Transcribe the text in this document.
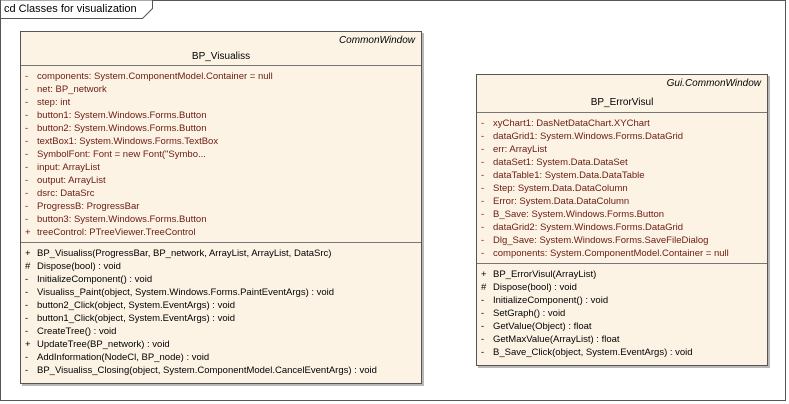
cd Classes for visualization
CommonWindow
BP_Visualiss
- components: System.ComponentModel.Container = null
- net: BP_network
- step: int
- button1: System.Windows.Forms.Button
- button2: System.Windows.Forms.Button
- textBox1: System.Windows.Forms.TextBox
- SymbolFont: Font = new Font("Symbo...
- input: ArrayList
- output: ArrayList
- dsrc: DataSrc
- ProgressB: ProgressBar
- button3: System.Windows.Forms.Button
+ treeControl: PTreeViewer.TreeControl
+ BP_Visualiss(ProgressBar, BP_network, ArrayList, ArrayList, DataSrc)
# Dispose(bool) : void
- InitializeComponent() : void
- Visualiss_Paint(object, System.Windows.Forms.PaintEventArgs) : void
- button2_Click(object, System.EventArgs) : void
- button1_Click(object, System.EventArgs) : void
- CreateTree() : void
+ UpdateTree(BP_network) : void
- AddInformation(NodeCl, BP_node) : void
- BP_Visualiss_Closing(object, System.ComponentModel.CancelEventArgs) : void
Gui.CommonWindow
BP_ErrorVisul
- xyChart1: DasNetDataChart.XYChart
- dataGrid1: System.Windows.Forms.DataGrid
- err: ArrayList
- dataSet1: System.Data.DataSet
- dataTable1: System.Data.DataTable
- Step: System.Data.DataColumn
- Error: System.Data.DataColumn
- B_Save: System.Windows.Forms.Button
- dataGrid2: System.Windows.Forms.DataGrid
- Dlg_Save: System.Windows.Forms.SaveFileDialog
- components: System.ComponentModel.Container = null
+ BP_ErrorVisul(ArrayList)
# Dispose(bool) : void
- InitializeComponent() : void
- SetGraph() : void
- GetValue(Object) : float
- GetMaxValue(ArrayList) : float
- B_Save_Click(object, System.EventArgs) : void
